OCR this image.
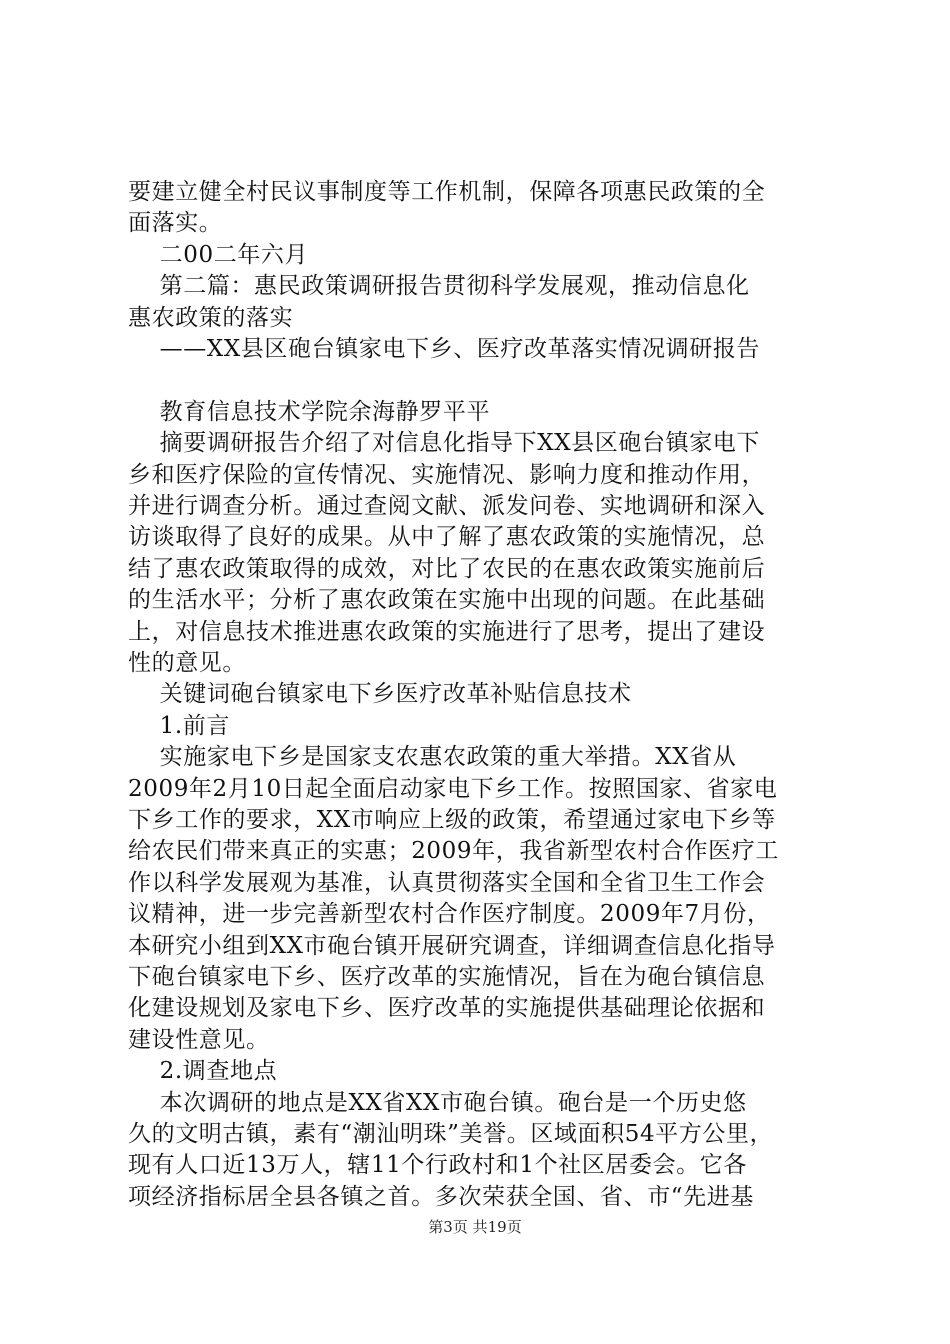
要建立健全村民议事制度等工作机制，保障各项惠民政策的全
面落实。
二00二年六月
第二篇：惠民政策调研报告贯彻科学发展观，推动信息化
惠农政策的落实
——XX县区砲台镇家电下乡、医疗改革落实情况调研报告
教育信息技术学院余海静罗平平
摘要调研报告介绍了对信息化指导下XX县区砲台镇家电下
乡和医疗保险的宣传情况、实施情况、影响力度和推动作用，
并进行调查分析。通过查阅文献、派发问卷、实地调研和深入
访谈取得了良好的成果。从中了解了惠农政策的实施情况，总
结了惠农政策取得的成效，对比了农民的在惠农政策实施前后
的生活水平；分析了惠农政策在实施中出现的问题。在此基础
上，对信息技术推进惠农政策的实施进行了思考，提出了建设
性的意见。
关键词砲台镇家电下乡医疗改革补贴信息技术
1.前言
实施家电下乡是国家支农惠农政策的重大举措。XX省从
2009年2月10日起全面启动家电下乡工作。按照国家、省家电
下乡工作的要求，XX市响应上级的政策，希望通过家电下乡等
给农民们带来真正的实惠；2009年，我省新型农村合作医疗工
作以科学发展观为基准，认真贯彻落实全国和全省卫生工作会
议精神，进一步完善新型农村合作医疗制度。2009年7月份，
本研究小组到XX市砲台镇开展研究调查，详细调查信息化指导
下砲台镇家电下乡、医疗改革的实施情况，旨在为砲台镇信息
化建设规划及家电下乡、医疗改革的实施提供基础理论依据和
建设性意见。
2.调查地点
本次调研的地点是XX省XX市砲台镇。砲台是一个历史悠
久的文明古镇，素有“潮汕明珠”美誉。区域面积54平方公里，
现有人口近13万人，辖11个行政村和1个社区居委会。它各
项经济指标居全县各镇之首。多次荣获全国、省、市“先进基
第3页 共19页
